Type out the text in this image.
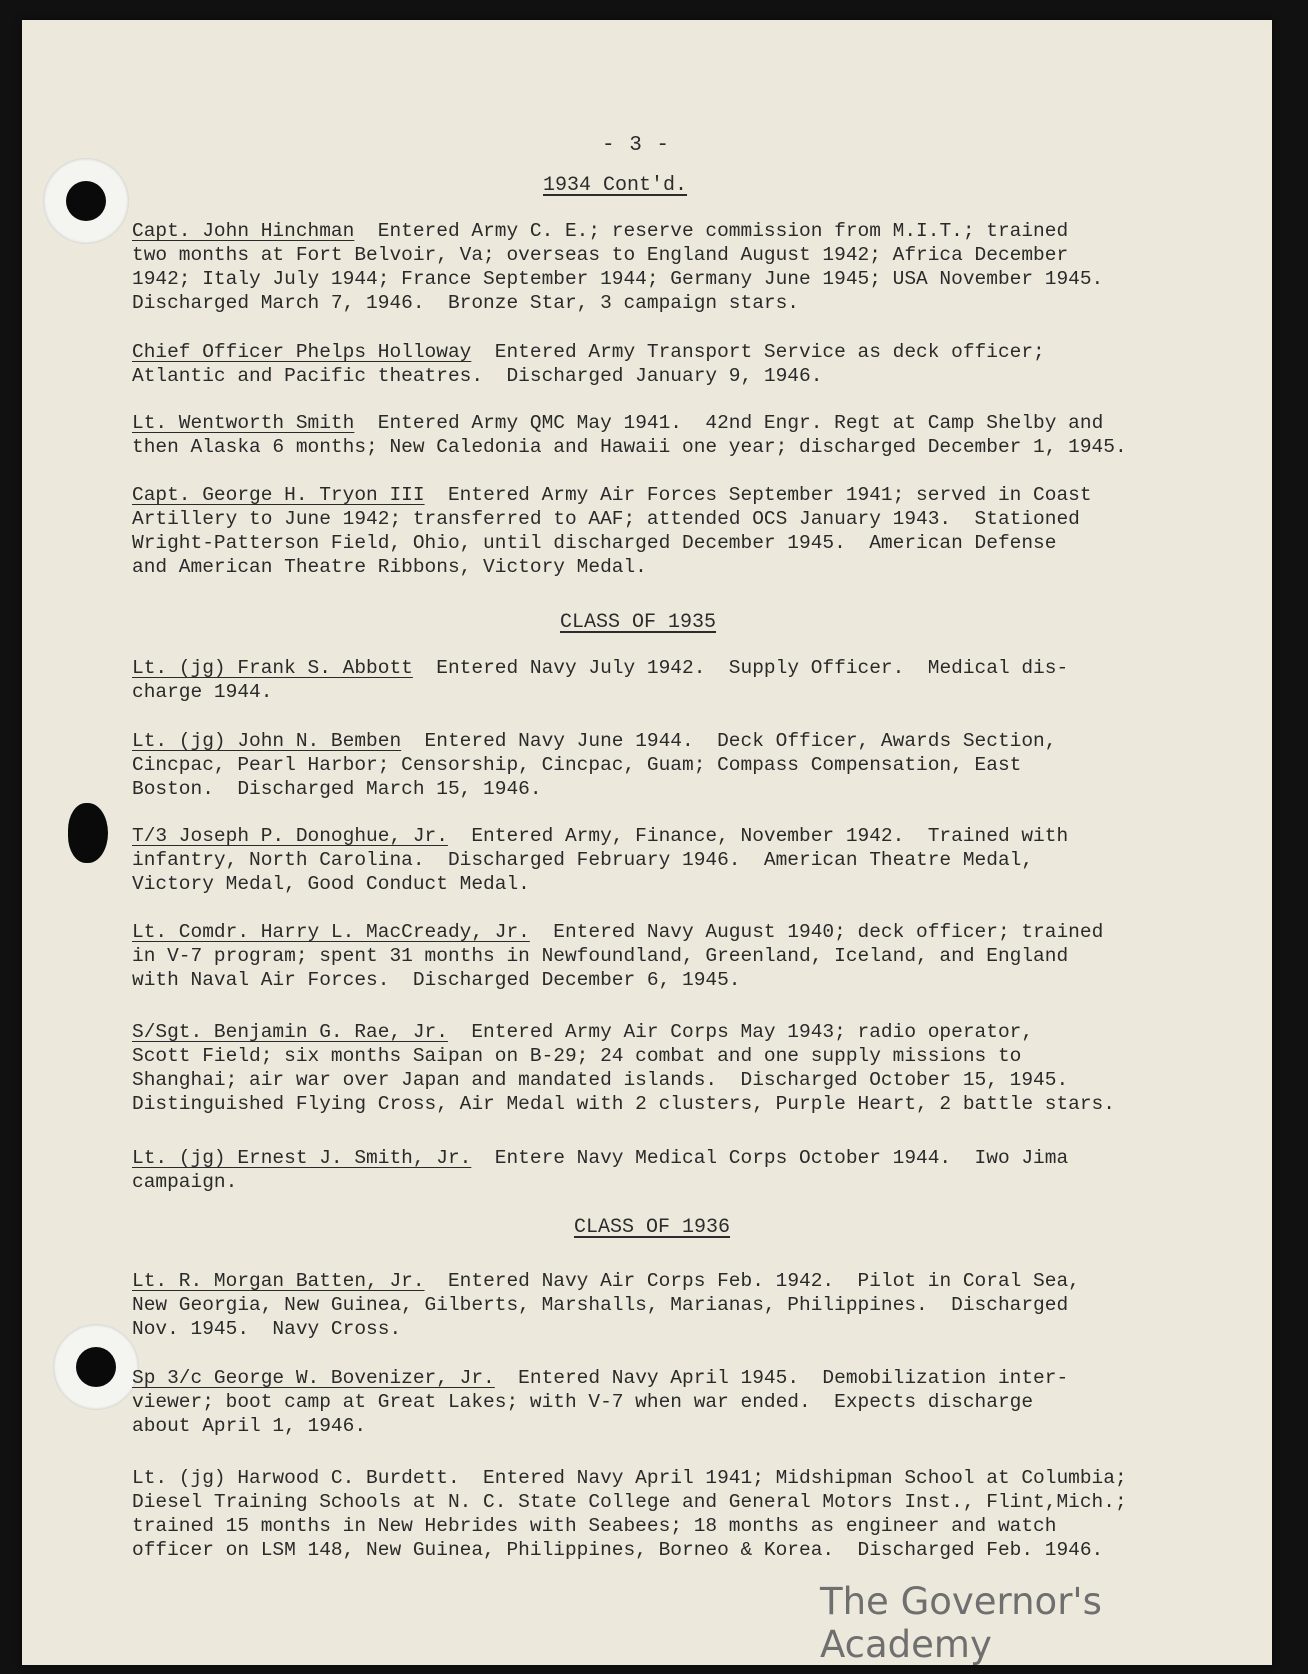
- 3 -
1934 Cont'd.

Capt. John Hinchman  Entered Army C. E.; reserve commission from M.I.T.; trained
two months at Fort Belvoir, Va; overseas to England August 1942; Africa December
1942; Italy July 1944; France September 1944; Germany June 1945; USA November 1945.
Discharged March 7, 1946.  Bronze Star, 3 campaign stars.

Chief Officer Phelps Holloway  Entered Army Transport Service as deck officer;
Atlantic and Pacific theatres.  Discharged January 9, 1946.

Lt. Wentworth Smith  Entered Army QMC May 1941.  42nd Engr. Regt at Camp Shelby and
then Alaska 6 months; New Caledonia and Hawaii one year; discharged December 1, 1945.

Capt. George H. Tryon III  Entered Army Air Forces September 1941; served in Coast
Artillery to June 1942; transferred to AAF; attended OCS January 1943.  Stationed
Wright-Patterson Field, Ohio, until discharged December 1945.  American Defense
and American Theatre Ribbons, Victory Medal.

CLASS OF 1935

Lt. (jg) Frank S. Abbott  Entered Navy July 1942.  Supply Officer.  Medical dis-
charge 1944.

Lt. (jg) John N. Bemben  Entered Navy June 1944.  Deck Officer, Awards Section,
Cincpac, Pearl Harbor; Censorship, Cincpac, Guam; Compass Compensation, East
Boston.  Discharged March 15, 1946.

T/3 Joseph P. Donoghue, Jr.  Entered Army, Finance, November 1942.  Trained with
infantry, North Carolina.  Discharged February 1946.  American Theatre Medal,
Victory Medal, Good Conduct Medal.

Lt. Comdr. Harry L. MacCready, Jr.  Entered Navy August 1940; deck officer; trained
in V-7 program; spent 31 months in Newfoundland, Greenland, Iceland, and England
with Naval Air Forces.  Discharged December 6, 1945.

S/Sgt. Benjamin G. Rae, Jr.  Entered Army Air Corps May 1943; radio operator,
Scott Field; six months Saipan on B-29; 24 combat and one supply missions to
Shanghai; air war over Japan and mandated islands.  Discharged October 15, 1945.
Distinguished Flying Cross, Air Medal with 2 clusters, Purple Heart, 2 battle stars.

Lt. (jg) Ernest J. Smith, Jr.  Entere Navy Medical Corps October 1944.  Iwo Jima
campaign.

CLASS OF 1936

Lt. R. Morgan Batten, Jr.  Entered Navy Air Corps Feb. 1942.  Pilot in Coral Sea,
New Georgia, New Guinea, Gilberts, Marshalls, Marianas, Philippines.  Discharged
Nov. 1945.  Navy Cross.

Sp 3/c George W. Bovenizer, Jr.  Entered Navy April 1945.  Demobilization inter-
viewer; boot camp at Great Lakes; with V-7 when war ended.  Expects discharge
about April 1, 1946.

Lt. (jg) Harwood C. Burdett.  Entered Navy April 1941; Midshipman School at Columbia;
Diesel Training Schools at N. C. State College and General Motors Inst., Flint,Mich.;
trained 15 months in New Hebrides with Seabees; 18 months as engineer and watch
officer on LSM 148, New Guinea, Philippines, Borneo & Korea.  Discharged Feb. 1946.

The Governor's Academy
